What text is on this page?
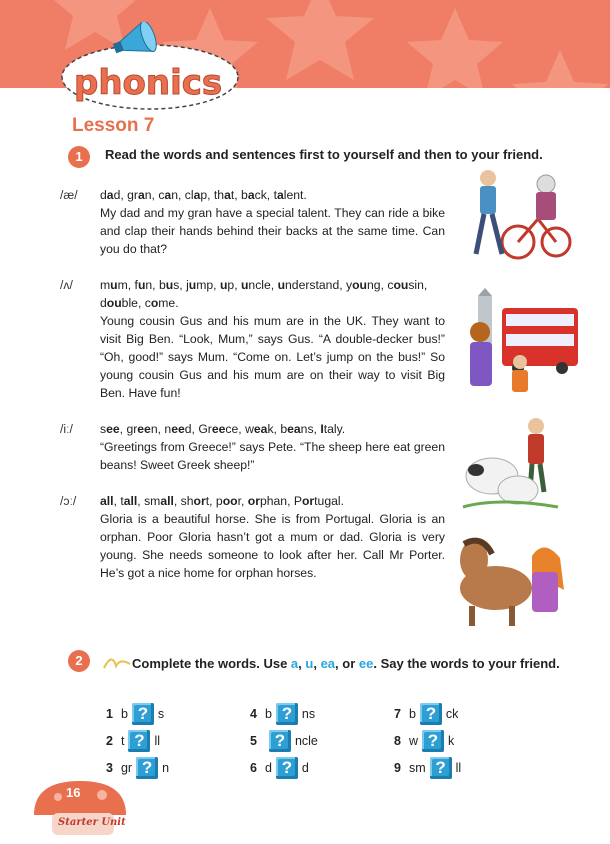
phonics
Lesson 7
1	Read the words and sentences first to yourself and then to your friend.
/æ/ dad, gran, can, clap, that, back, talent.
My dad and my gran have a special talent. They can ride a bike and clap their hands behind their backs at the same time. Can you do that?
/ʌ/ mum, fun, bus, jump, up, uncle, understand, young, cousin, double, come.
Young cousin Gus and his mum are in the UK. They want to visit Big Ben. “Look, Mum,” says Gus. “A double-decker bus!” “Oh, good!” says Mum. “Come on. Let’s jump on the bus!” So young cousin Gus and his mum are on their way to visit Big Ben. Have fun!
/iː/ see, green, need, Greece, weak, beans, Italy.
“Greetings from Greece!” says Pete. “The sheep here eat green beans! Sweet Greek sheep!”
/ɔː/ all, tall, small, short, poor, orphan, Portugal.
Gloria is a beautiful horse. She is from Portugal. Gloria is an orphan. Poor Gloria hasn’t got a mum or dad. Gloria is very young. She needs someone to look after her. Call Mr Porter. He’s got a nice home for orphan horses.
2	Complete the words. Use a, u, ea, or ee. Say the words to your friend.
1 b ? s
2 t ? ll
3 gr ? n
4 b ? ns
5	? ncle
6 d ? d
7 b ? ck
8 w ? k
9 sm ? ll
16
Starter Unit
